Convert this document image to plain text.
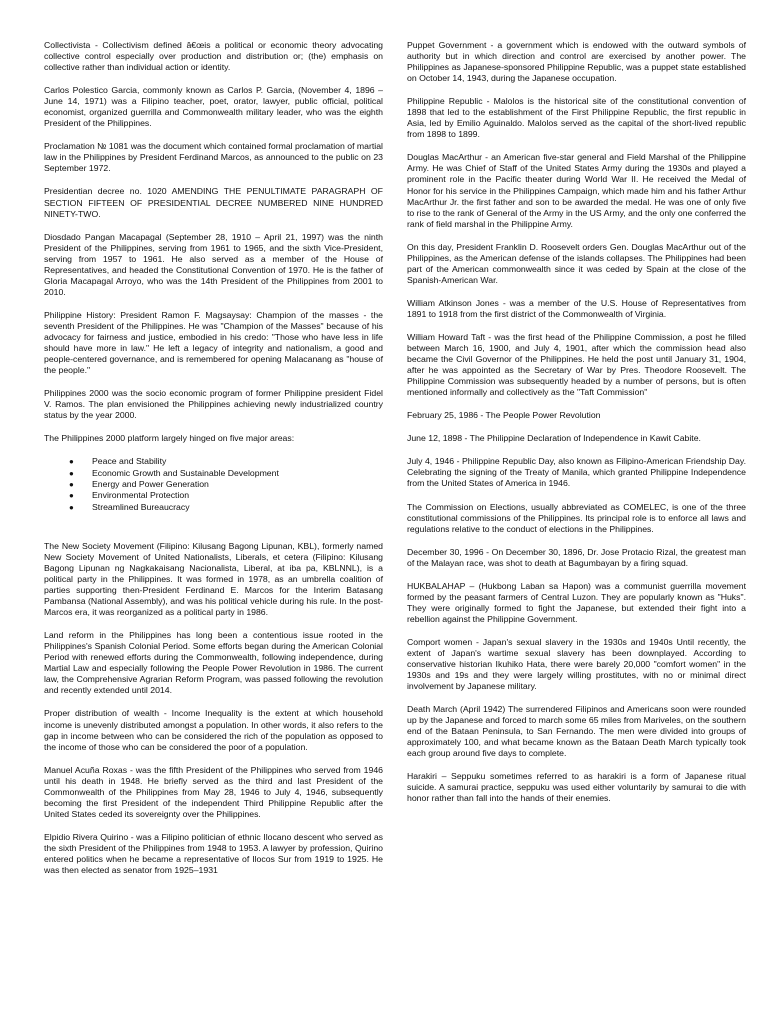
Collectivista - Collectivism defined â€œis a political or economic theory advocating collective control especially over production and distribution or; (the) emphasis on collective rather than individual action or identity.

Carlos Polestico Garcia, commonly known as Carlos P. Garcia, (November 4, 1896 – June 14, 1971) was a Filipino teacher, poet, orator, lawyer, public official, political economist, organized guerrilla and Commonwealth military leader, who was the eighth President of the Philippines.

Proclamation № 1081 was the document which contained formal proclamation of martial law in the Philippines by President Ferdinand Marcos, as announced to the public on 23 September 1972.

Presidentian decree no. 1020 AMENDING THE PENULTIMATE PARAGRAPH OF SECTION FIFTEEN OF PRESIDENTIAL DECREE NUMBERED NINE HUNDRED NINETY-TWO.

Diosdado Pangan Macapagal (September 28, 1910 – April 21, 1997) was the ninth President of the Philippines, serving from 1961 to 1965, and the sixth Vice-President, serving from 1957 to 1961. He also served as a member of the House of Representatives, and headed the Constitutional Convention of 1970. He is the father of Gloria Macapagal Arroyo, who was the 14th President of the Philippines from 2001 to 2010.

Philippine History: President Ramon F. Magsaysay: Champion of the masses - the seventh President of the Philippines. He was "Champion of the Masses" because of his advocacy for fairness and justice, embodied in his credo: "Those who have less in life should have more in law." He left a legacy of integrity and nationalism, a good and people-centered governance, and is remembered for opening Malacanang as "house of the people."

Philippines 2000 was the socio economic program of former Philippine president Fidel V. Ramos. The plan envisioned the Philippines achieving newly industrialized country status by the year 2000.

The Philippines 2000 platform largely hinged on five major areas:

● Peace and Stability
● Economic Growth and Sustainable Development
● Energy and Power Generation
● Environmental Protection
● Streamlined Bureaucracy

The New Society Movement (Filipino: Kilusang Bagong Lipunan, KBL), formerly named New Society Movement of United Nationalists, Liberals, et cetera (Filipino: Kilusang Bagong Lipunan ng Nagkakaisang Nacionalista, Liberal, at iba pa, KBLNNL), is a political party in the Philippines. It was formed in 1978, as an umbrella coalition of parties supporting then-President Ferdinand E. Marcos for the Interim Batasang Pambansa (National Assembly), and was his political vehicle during his rule. In the post-Marcos era, it was reorganized as a political party in 1986.

Land reform in the Philippines has long been a contentious issue rooted in the Philippines's Spanish Colonial Period. Some efforts began during the American Colonial Period with renewed efforts during the Commonwealth, following independence, during Martial Law and especially following the People Power Revolution in 1986. The current law, the Comprehensive Agrarian Reform Program, was passed following the revolution and recently extended until 2014.

Proper distribution of wealth - Income Inequality is the extent at which household income is unevenly distributed amongst a population. In other words, it also refers to the gap in income between who can be considered the rich of the population as opposed to the income of those who can be considered the poor of a population.

Manuel Acuña Roxas - was the fifth President of the Philippines who served from 1946 until his death in 1948. He briefly served as the third and last President of the Commonwealth of the Philippines from May 28, 1946 to July 4, 1946, subsequently becoming the first President of the independent Third Philippine Republic after the United States ceded its sovereignty over the Philippines.

Elpidio Rivera Quirino - was a Filipino politician of ethnic Ilocano descent who served as the sixth President of the Philippines from 1948 to 1953. A lawyer by profession, Quirino entered politics when he became a representative of Ilocos Sur from 1919 to 1925. He was then elected as senator from 1925–1931

Puppet Government - a government which is endowed with the outward symbols of authority but in which direction and control are exercised by another power. The Philippines as Japanese-sponsored Philippine Republic, was a puppet state established on October 14, 1943, during the Japanese occupation.

Philippine Republic - Malolos is the historical site of the constitutional convention of 1898 that led to the establishment of the First Philippine Republic, the first republic in Asia, led by Emilio Aguinaldo. Malolos served as the capital of the short-lived republic from 1898 to 1899.

Douglas MacArthur - an American five-star general and Field Marshal of the Philippine Army. He was Chief of Staff of the United States Army during the 1930s and played a prominent role in the Pacific theater during World War II. He received the Medal of Honor for his service in the Philippines Campaign, which made him and his father Arthur MacArthur Jr. the first father and son to be awarded the medal. He was one of only five to rise to the rank of General of the Army in the US Army, and the only one conferred the rank of field marshal in the Philippine Army.

On this day, President Franklin D. Roosevelt orders Gen. Douglas MacArthur out of the Philippines, as the American defense of the islands collapses. The Philippines had been part of the American commonwealth since it was ceded by Spain at the close of the Spanish-American War.

William Atkinson Jones - was a member of the U.S. House of Representatives from 1891 to 1918 from the first district of the Commonwealth of Virginia.

William Howard Taft - was the first head of the Philippine Commission, a post he filled between March 16, 1900, and July 4, 1901, after which the commission head also became the Civil Governor of the Philippines. He held the post until January 31, 1904, after he was appointed as the Secretary of War by Pres. Theodore Roosevelt. The Philippine Commission was subsequently headed by a number of persons, but is often mentioned informally and collectively as the "Taft Commission"

February 25, 1986 - The People Power Revolution

June 12, 1898 - The Philippine Declaration of Independence in Kawit Cabite.

July 4, 1946 - Philippine Republic Day, also known as Filipino-American Friendship Day. Celebrating the signing of the Treaty of Manila, which granted Philippine Independence from the United States of America in 1946.

The Commission on Elections, usually abbreviated as COMELEC, is one of the three constitutional commissions of the Philippines. Its principal role is to enforce all laws and regulations relative to the conduct of elections in the Philippines.

December 30, 1996 - On December 30, 1896, Dr. Jose Protacio Rizal, the greatest man of the Malayan race, was shot to death at Bagumbayan by a firing squad.

HUKBALAHAP – (Hukbong Laban sa Hapon) was a communist guerrilla movement formed by the peasant farmers of Central Luzon. They are popularly known as "Huks". They were originally formed to fight the Japanese, but extended their fight into a rebellion against the Philippine Government.

Comport women - Japan's sexual slavery in the 1930s and 1940s Until recently, the extent of Japan's wartime sexual slavery has been downplayed. According to conservative historian Ikuhiko Hata, there were barely 20,000 "comfort women" in the 1930s and 19s and they were largely willing prostitutes, with no or minimal direct involvement by Japanese military.

Death March (April 1942) The surrendered Filipinos and Americans soon were rounded up by the Japanese and forced to march some 65 miles from Mariveles, on the southern end of the Bataan Peninsula, to San Fernando. The men were divided into groups of approximately 100, and what became known as the Bataan Death March typically took each group around five days to complete.

Harakiri – Seppuku sometimes referred to as harakiri is a form of Japanese ritual suicide. A samurai practice, seppuku was used either voluntarily by samurai to die with honor rather than fall into the hands of their enemies.
